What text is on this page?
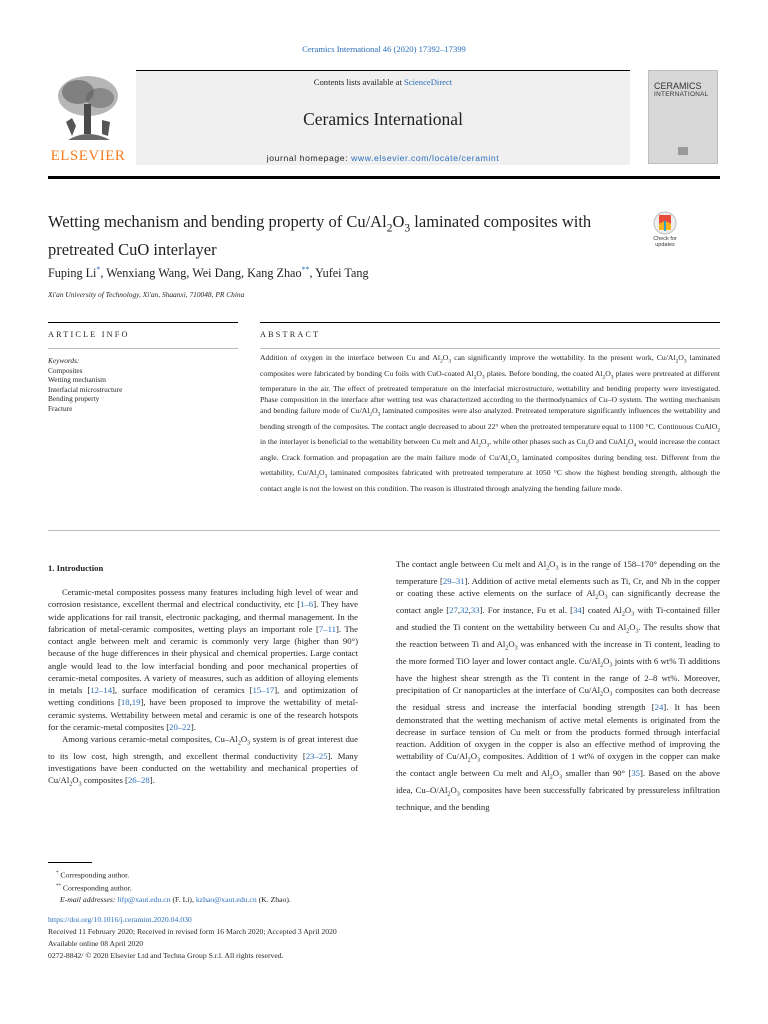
Ceramics International 46 (2020) 17392–17399
ELSEVIER
Contents lists available at ScienceDirect
Ceramics International
journal homepage: www.elsevier.com/locate/ceramint
CERAMICS
INTERNATIONAL
Wetting mechanism and bending property of $Cu/Al_2O_3$ laminated composites with pretreated CuO interlayer
Check for updates
Fuping Li*, Wenxiang Wang, Wei Dang, Kang Zhao**, Yufei Tang
Xi'an University of Technology, Xi'an, Shaanxi, 710048, PR China
ARTICLE INFO	ABSTRACT
Keywords:
Composites
Wetting mechanism
Interfacial microstructure
Bending property
Fracture
Addition of oxygen in the interface between Cu and $Al_2O_3$ can significantly improve the wettability. In the present work, $Cu/Al_2O_3$ laminated composites were fabricated by bonding Cu foils with CuO-coated $Al_2O_3$ plates. Before bonding, the coated $Al_2O_3$ plates were pretreated at different temperature in the air. The effect of pretreated temperature on the interfacial microstructure, wettability and bending property were investigated. Phase composition in the interface after wetting test was characterized according to the thermodynamics of Cu–O system. The wetting mechanism and bending failure mode of $Cu/Al_2O_3$ laminated composites were also analyzed. Pretreated temperature significantly influences the wettability and bending strength of the composites. The contact angle decreased to about 22° when the pretreated temperature equal to 1100 °C. Continuous CuAlO$_2$ in the interlayer is beneficial to the wettability between Cu melt and $Al_2O_3$, while other phases such as $Cu_2O$ and $CuAl_2O_4$ would increase the contact angle. Crack formation and propagation are the main failure mode of $Cu/Al_2O_3$ laminated composites during bending test. Different from the wettability, $Cu/Al_2O_3$ laminated composites fabricated with pretreated temperature at 1050 °C show the highest bending strength, although the contact angle is not the lowest on this condition. The reason is illustrated through analyzing the bending failure mode.
1. Introduction

Ceramic-metal composites possess many features including high level of wear and corrosion resistance, excellent thermal and electrical conductivity, etc [1–6]. They have wide applications for rail transit, electronic packaging, and thermal management. In the fabrication of metal-ceramic composites, wetting plays an important role [7–11]. The contact angle between melt and ceramic is commonly very large (higher than 90°) because of the huge differences in their physical and chemical properties. Large contact angle would lead to the low interfacial bonding and poor mechanical properties of ceramic-metal composites. A variety of measures, such as addition of alloying elements in metals [12–14], surface modification of ceramics [15–17], and optimization of wetting conditions [18,19], have been proposed to improve the wettability of metal-ceramic systems. Wettability between metal and ceramic is one of the research hotspots for the ceramic-metal composites [20–22].

Among various ceramic-metal composites, $Cu-Al_2O_3$ system is of great interest due to its low cost, high strength, and excellent thermal conductivity [23–25]. Many investigations have been conducted on the wettability and mechanical properties of $Cu/Al_2O_3$ composites [26–28].

The contact angle between Cu melt and $Al_2O_3$ is in the range of 158–170° depending on the temperature [29–31]. Addition of active metal elements such as Ti, Cr, and Nb in the copper or coating these active elements on the surface of $Al_2O_3$ can significantly decrease the contact angle [27,32,33]. For instance, Fu et al. [34] coated $Al_2O_3$ with Ti-contained filler and studied the Ti content on the wettability between Cu and $Al_2O_3$. The results show that the reaction between Ti and $Al_2O_3$ was enhanced with the increase in Ti content, leading to the more formed TiO layer and lower contact angle. $Cu/Al_2O_3$ joints with 6 wt% Ti additions have the highest shear strength as the Ti content in the range of 2–8 wt%. Moreover, precipitation of Cr nanoparticles at the interface of $Cu/Al_2O_3$ composites can both decrease the residual stress and increase the interfacial bonding strength [24]. It has been demonstrated that the wetting mechanism of active metal elements is originated from the decrease in surface tension of Cu melt or from the products formed through interfacial reaction. Addition of oxygen in the copper is also an effective method of improving the wettability of $Cu/Al_2O_3$ composites. Addition of 1 wt% of oxygen in the copper can make the contact angle between Cu melt and $Al_2O_3$ smaller than 90° [35]. Based on the above idea, $Cu-O/Al_2O_3$ composites have been successfully fabricated by pressureless infiltration technique, and the bending

* Corresponding author.
** Corresponding author.
E-mail addresses: lifp@xaut.edu.cn (F. Li), kzhao@xaut.edu.cn (K. Zhao).
https://doi.org/10.1016/j.ceramint.2020.04.030
Received 11 February 2020; Received in revised form 16 March 2020; Accepted 3 April 2020
Available online 08 April 2020
0272-8842/ © 2020 Elsevier Ltd and Techna Group S.r.l. All rights reserved.
